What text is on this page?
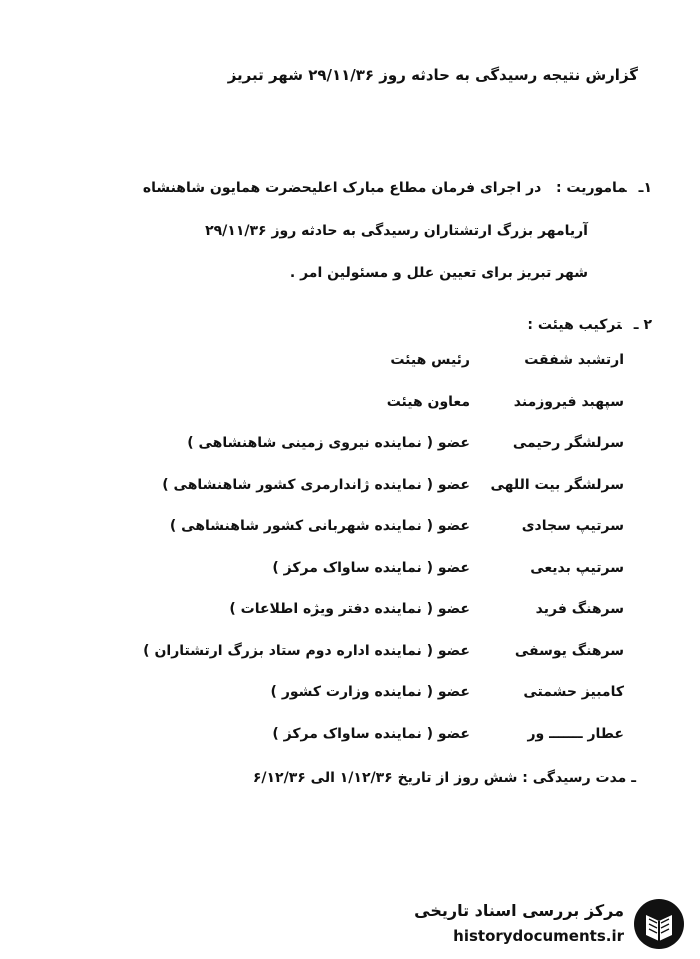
گزارش نتیجه رسیدگی به حادثه روز ۲۹/۱۱/۳۶ شهر تبریز
۱ـماموریت :   در اجرای فرمان مطاع مبارک اعلیحضرت همایون شاهنشاه
آریامهر بزرگ ارتشتاران رسیدگی به حادثه روز ۲۹/۱۱/۳۶
شهر تبریز برای تعیین علل و مسئولین امر .
۲ ـترکیب هیئت :
ارتشبد شفقت
رئیس هیئت
سپهبد فیروزمند
معاون هیئت
سرلشگر رحیمی
عضو ( نماینده نیروی زمینی شاهنشاهی )
سرلشگر بیت اللهی
عضو ( نماینده ژاندارمری کشور شاهنشاهی )
سرتیپ سجادی
عضو ( نماینده شهربانی کشور شاهنشاهی )
سرتیپ بدیعی
عضو ( نماینده ساواک مرکز )
سرهنگ فرید
عضو ( نماینده دفتر ویژه اطلاعات )
سرهنگ یوسفی
عضو ( نماینده اداره دوم ستاد بزرگ ارتشتاران )
کامبیز حشمتی
عضو ( نماینده وزارت کشور )
عطار ـــــــ ور
عضو ( نماینده ساواک مرکز )
ـ مدت رسیدگی : شش روز از تاریخ ۱/۱۲/۳۶ الی ۶/۱۲/۳۶
مرکز بررسی اسناد تاریخی
historydocuments.ir
